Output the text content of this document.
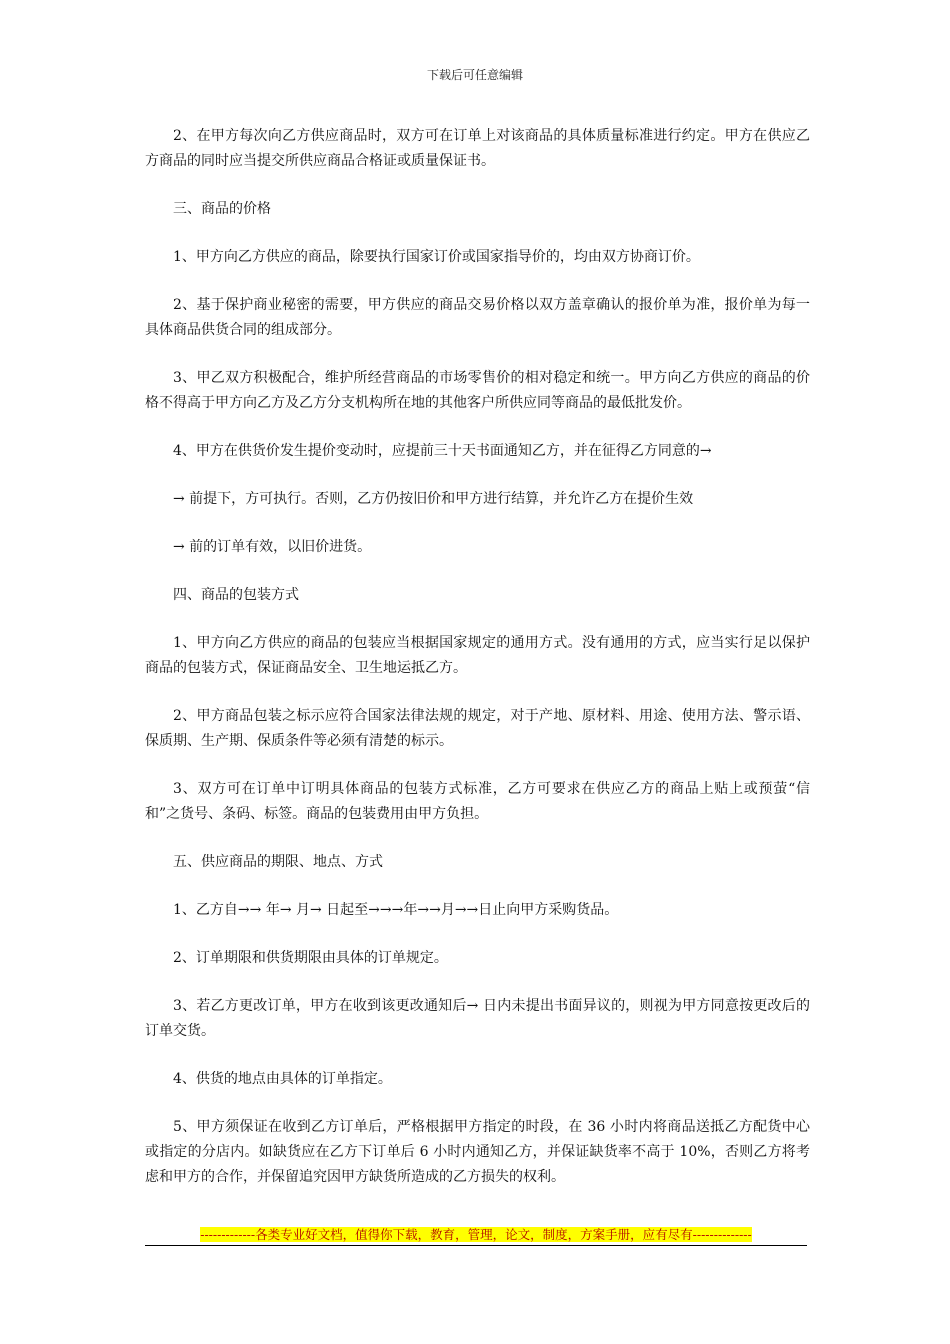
下载后可任意编辑

2、在甲方每次向乙方供应商品时，双方可在订单上对该商品的具体质量标准进行约定。甲方在供应乙方商品的同时应当提交所供应商品合格证或质量保证书。

三、商品的价格

1、甲方向乙方供应的商品，除要执行国家订价或国家指导价的，均由双方协商订价。

2、基于保护商业秘密的需要，甲方供应的商品交易价格以双方盖章确认的报价单为准，报价单为每一具体商品供货合同的组成部分。

3、甲乙双方积极配合，维护所经营商品的市场零售价的相对稳定和统一。甲方向乙方供应的商品的价格不得高于甲方向乙方及乙方分支机构所在地的其他客户所供应同等商品的最低批发价。

4、甲方在供货价发生提价变动时，应提前三十天书面通知乙方，并在征得乙方同意的→

→ 前提下，方可执行。否则，乙方仍按旧价和甲方进行结算，并允许乙方在提价生效

→ 前的订单有效，以旧价进货。

四、商品的包装方式

1、甲方向乙方供应的商品的包装应当根据国家规定的通用方式。没有通用的方式，应当实行足以保护商品的包装方式，保证商品安全、卫生地运抵乙方。

2、甲方商品包装之标示应符合国家法律法规的规定，对于产地、原材料、用途、使用方法、警示语、保质期、生产期、保质条件等必须有清楚的标示。

3、双方可在订单中订明具体商品的包装方式标准，乙方可要求在供应乙方的商品上贴上或预萤“信和”之货号、条码、标签。商品的包装费用由甲方负担。

五、供应商品的期限、地点、方式

1、乙方自→→ 年→ 月→ 日起至→→→年→→月→→日止向甲方采购货品。

2、订单期限和供货期限由具体的订单规定。

3、若乙方更改订单，甲方在收到该更改通知后→ 日内未提出书面异议的，则视为甲方同意按更改后的订单交货。

4、供货的地点由具体的订单指定。

5、甲方须保证在收到乙方订单后，严格根据甲方指定的时段，在 36 小时内将商品送抵乙方配货中心或指定的分店内。如缺货应在乙方下订单后 6 小时内通知乙方，并保证缺货率不高于 10%，否则乙方将考虑和甲方的合作，并保留追究因甲方缺货所造成的乙方损失的权利。

-------------各类专业好文档，值得你下载，教育，管理，论文，制度，方案手册，应有尽有--------------
